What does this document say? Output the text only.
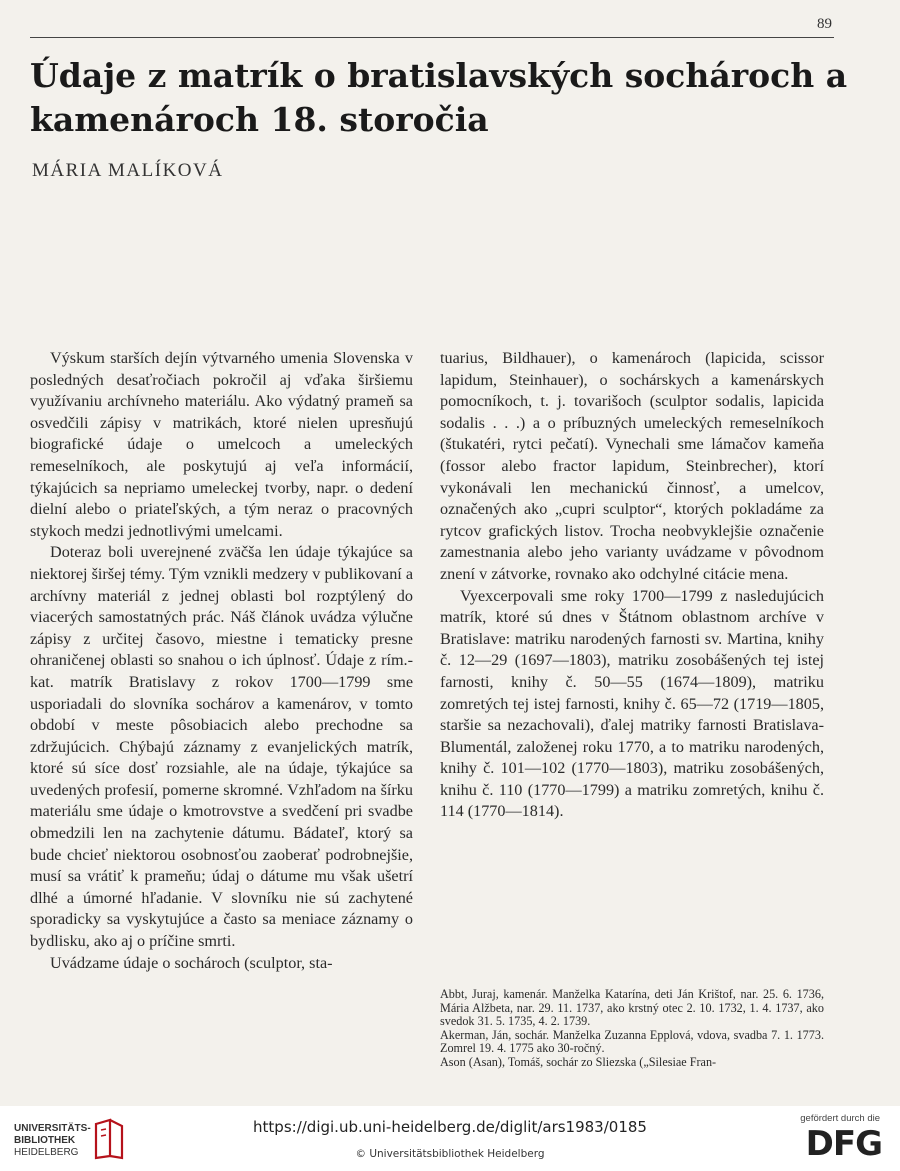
89
Údaje z matrík o bratislavských sochároch a kamenároch 18. storočia
MÁRIA MALÍKOVÁ

Výskum starších dejín výtvarného umenia Slovenska v posledných desaťročiach pokročil aj vďaka širšiemu využívaniu archívneho materiálu. Ako výdatný prameň sa osvedčili zápisy v matrikách, ktoré nielen upresňujú biografické údaje o umelcoch a umeleckých remeselníkoch, ale poskytujú aj veľa informácií, týkajúcich sa nepriamo umeleckej tvorby, napr. o dedení dielní alebo o priateľských, a tým neraz o pracovných stykoch medzi jednotlivými umelcami.

Doteraz boli uverejnené zväčša len údaje týkajúce sa niektorej širšej témy. Tým vznikli medzery v publikovaní a archívny materiál z jednej oblasti bol rozptýlený do viacerých samostatných prác. Náš článok uvádza výlučne zápisy z určitej časovo, miestne i tematicky presne ohraničenej oblasti so snahou o ich úplnosť. Údaje z rím.-kat. matrík Bratislavy z rokov 1700—1799 sme usporiadali do slovníka sochárov a kamenárov, v tomto období v meste pôsobiacich alebo prechodne sa zdržujúcich. Chýbajú záznamy z evanjelických matrík, ktoré sú síce dosť rozsiahle, ale na údaje, týkajúce sa uvedených profesií, pomerne skromné. Vzhľadom na šírku materiálu sme údaje o kmotrovstve a svedčení pri svadbe obmedzili len na zachytenie dátumu. Bádateľ, ktorý sa bude chcieť niektorou osobnosťou zaoberať podrobnejšie, musí sa vrátiť k prameňu; údaj o dátume mu však ušetrí dlhé a úmorné hľadanie. V slovníku nie sú zachytené sporadicky sa vyskytujúce a často sa meniace záznamy o bydlisku, ako aj o príčine smrti.

Uvádzame údaje o sochároch (sculptor, sta-

tuarius, Bildhauer), o kamenároch (lapicida, scissor lapidum, Steinhauer), o sochárskych a kamenárskych pomocníkoch, t. j. tovarišoch (sculptor sodalis, lapicida sodalis . . .) a o príbuzných umeleckých remeselníkoch (štukatéri, rytci pečatí). Vynechali sme lámačov kameňa (fossor alebo fractor lapidum, Steinbrecher), ktorí vykonávali len mechanickú činnosť, a umelcov, označených ako „cupri sculptor“, ktorých pokladáme za rytcov grafických listov. Trocha neobvyklejšie označenie zamestnania alebo jeho varianty uvádzame v pôvodnom znení v zátvorke, rovnako ako odchylné citácie mena.

Vyexcerpovali sme roky 1700—1799 z nasledujúcich matrík, ktoré sú dnes v Štátnom oblastnom archíve v Bratislave: matriku narodených farnosti sv. Martina, knihy č. 12—29 (1697—1803), matriku zosobášených tej istej farnosti, knihy č. 50—55 (1674—1809), matriku zomretých tej istej farnosti, knihy č. 65—72 (1719—1805, staršie sa nezachovali), ďalej matriky farnosti Bratislava-Blumentál, založenej roku 1770, a to matriku narodených, knihy č. 101—102 (1770—1803), matriku zosobášených, knihu č. 110 (1770—1799) a matriku zomretých, knihu č. 114 (1770—1814).

Abbt, Juraj, kamenár. Manželka Katarína, deti Ján Krištof, nar. 25. 6. 1736, Mária Alžbeta, nar. 29. 11. 1737, ako krstný otec 2. 10. 1732, 1. 4. 1737, ako svedok 31. 5. 1735, 4. 2. 1739.

Akerman, Ján, sochár. Manželka Zuzanna Epplová, vdova, svadba 7. 1. 1773. Zomrel 19. 4. 1775 ako 30-ročný.

Ason (Asan), Tomáš, sochár zo Sliezska („Silesiae Fran-

UNIVERSITÄTS-
BIBLIOTHEK
HEIDELBERG
https://digi.ub.uni-heidelberg.de/diglit/ars1983/0185
© Universitätsbibliothek Heidelberg
gefördert durch die
DFG
